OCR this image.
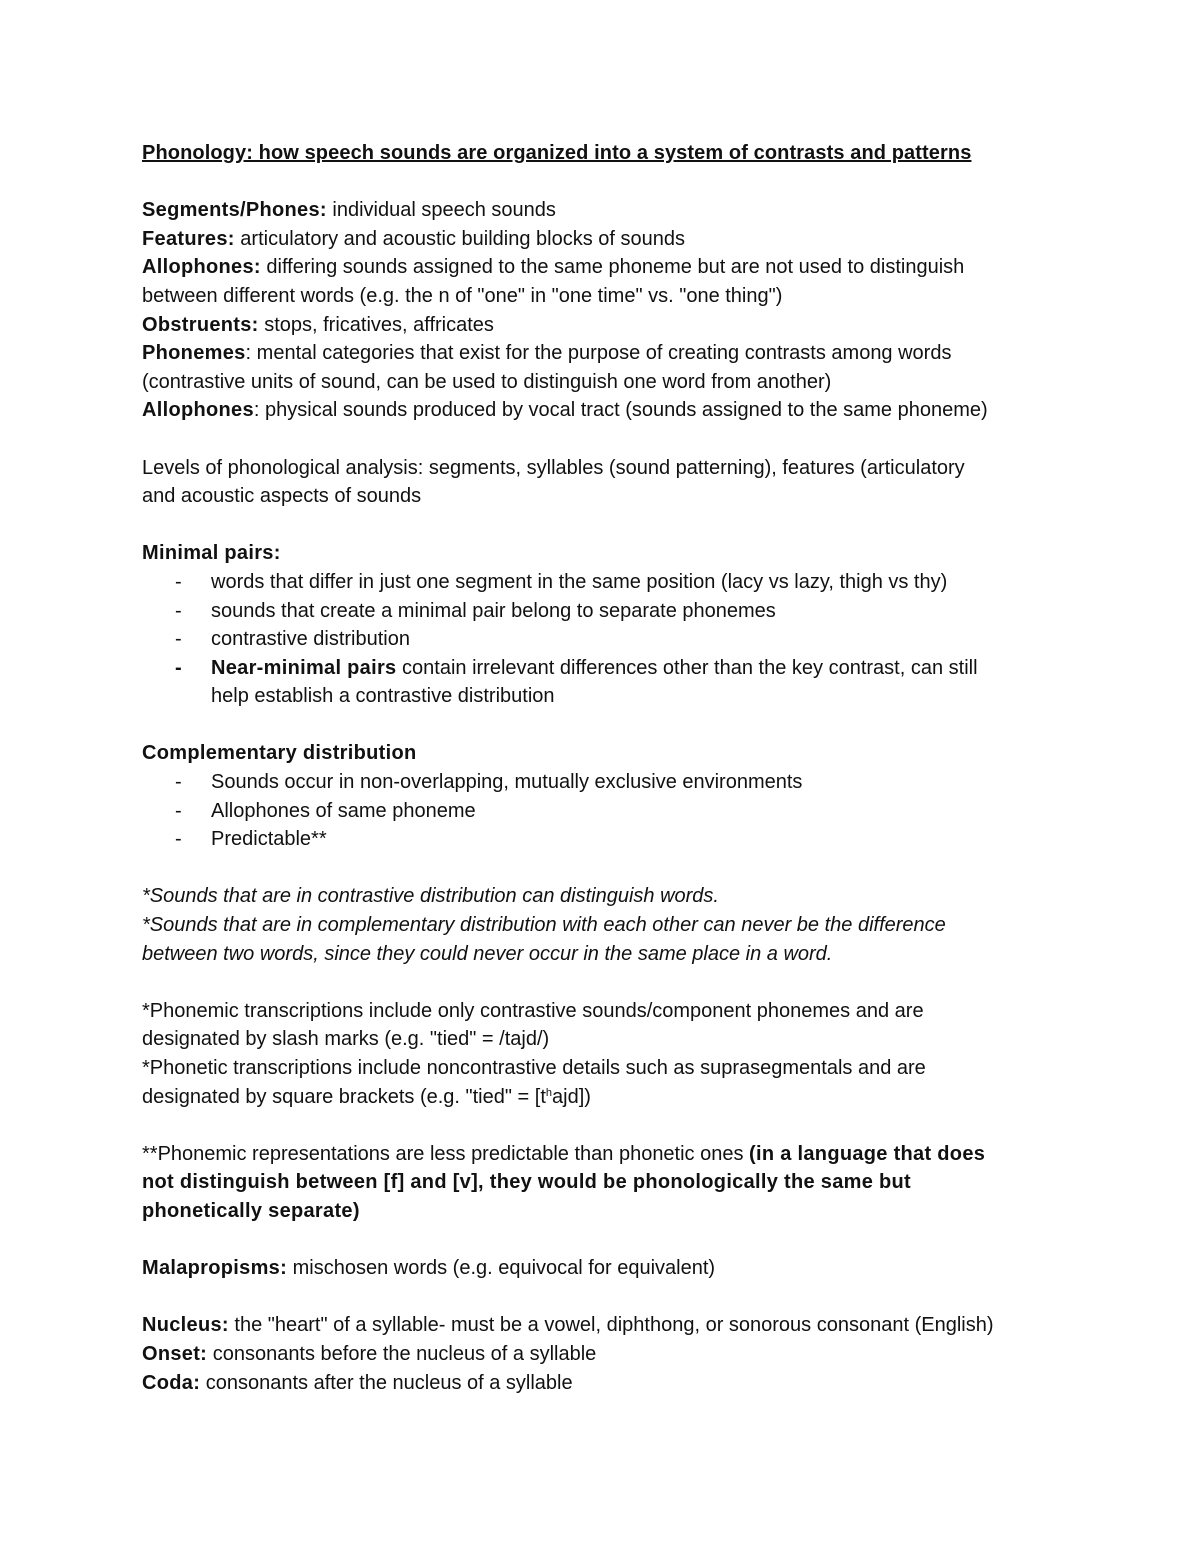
Phonology: how speech sounds are organized into a system of contrasts and patterns

Segments/Phones: individual speech sounds

Features: articulatory and acoustic building blocks of sounds

Allophones: differing sounds assigned to the same phoneme but are not used to distinguish

between different words (e.g. the n of "one" in "one time" vs. "one thing")

Obstruents: stops, fricatives, affricates

Phonemes: mental categories that exist for the purpose of creating contrasts among words

(contrastive units of sound, can be used to distinguish one word from another)

Allophones: physical sounds produced by vocal tract (sounds assigned to the same phoneme)

Levels of phonological analysis: segments, syllables (sound patterning), features (articulatory

and acoustic aspects of sounds

Minimal pairs:

- words that differ in just one segment in the same position (lacy vs lazy, thigh vs thy)
- sounds that create a minimal pair belong to separate phonemes
- contrastive distribution
- Near-minimal pairs contain irrelevant differences other than the key contrast, can still
help establish a contrastive distribution

Complementary distribution

- Sounds occur in non-overlapping, mutually exclusive environments
- Allophones of same phoneme
- Predictable**

*Sounds that are in contrastive distribution can distinguish words.

*Sounds that are in complementary distribution with each other can never be the difference

between two words, since they could never occur in the same place in a word.

*Phonemic transcriptions include only contrastive sounds/component phonemes and are

designated by slash marks (e.g. "tied" = /tajd/)

*Phonetic transcriptions include noncontrastive details such as suprasegmentals and are

designated by square brackets (e.g. "tied" = $[t^hajd]$)

**Phonemic representations are less predictable than phonetic ones (in a language that does

not distinguish between [f] and [v], they would be phonologically the same but

phonetically separate)

Malapropisms: mischosen words (e.g. equivocal for equivalent)

Nucleus: the "heart" of a syllable- must be a vowel, diphthong, or sonorous consonant (English)

Onset: consonants before the nucleus of a syllable

Coda: consonants after the nucleus of a syllable
